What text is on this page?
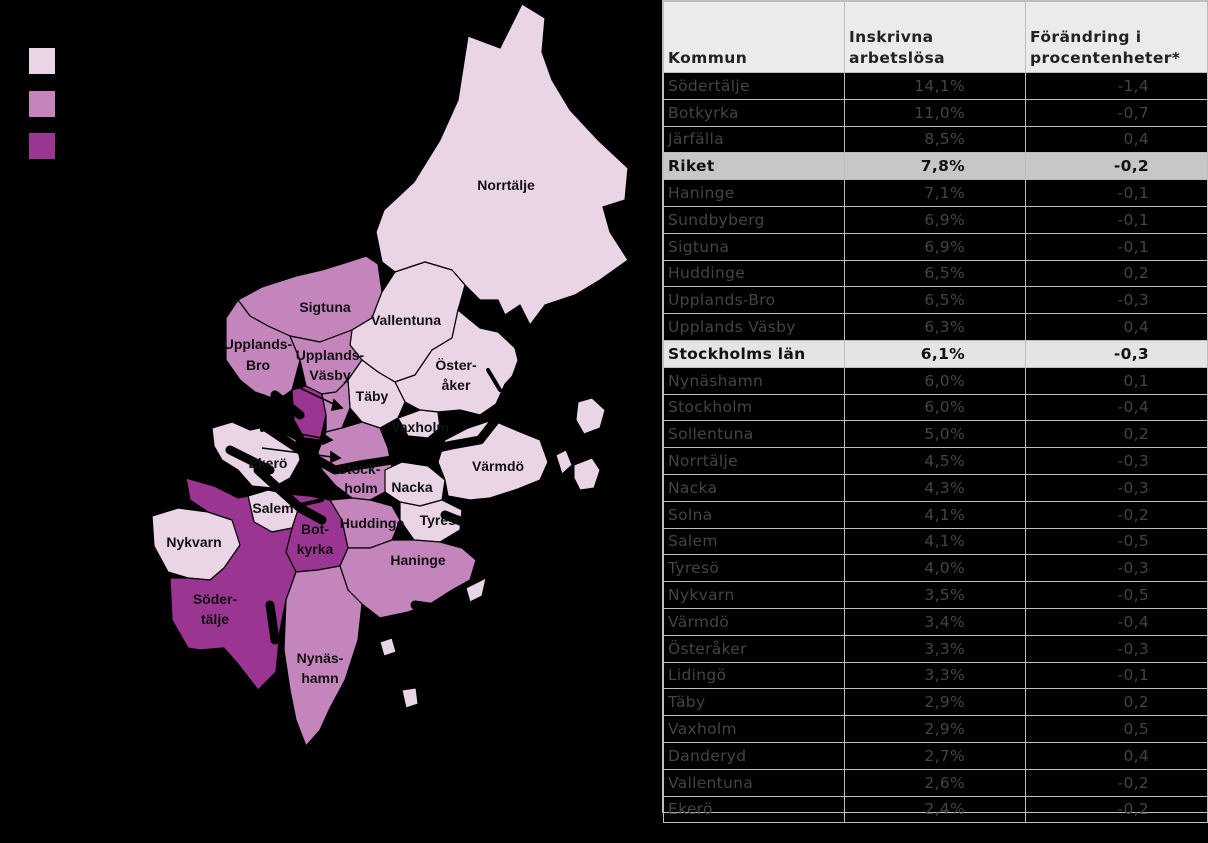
Norrtälje
Sigtuna
Vallentuna
Upplands-
Bro
Upplands-
Väsby
Öster-
åker
Täby
Vaxholm
Ekerö	Stock-
holm Nacka
Värmdö
Salem
Bot-
kyrka
Huddinge Tyresö
Nykvarn
Haninge
Söder-
tälje
Nynäs-
hamn
Kommun	Inskrivna arbetslösa	Förändring i procentenheter*
Södertälje	14,1%	-1,4
Botkyrka	11,0%	-0,7
Järfälla	8,5%	0,4
Riket	7,8%	-0,2
Haninge	7,1%	-0,1
Sundbyberg	6,9%	-0,1
Sigtuna	6,9%	-0,1
Huddinge	6,5%	0,2
Upplands-Bro	6,5%	-0,3
Upplands Väsby	6,3%	0,4
Stockholms län	6,1%	-0,3
Nynäshamn	6,0%	0,1
Stockholm	6,0%	-0,4
Sollentuna	5,0%	0,2
Norrtälje	4,5%	-0,3
Nacka	4,3%	-0,3
Solna	4,1%	-0,2
Salem	4,1%	-0,5
Tyresö	4,0%	-0,3
Nykvarn	3,5%	-0,5
Värmdö	3,4%	-0,4
Österåker	3,3%	-0,3
Lidingö	3,3%	-0,1
Täby	2,9%	0,2
Vaxholm	2,9%	0,5
Danderyd	2,7%	0,4
Vallentuna	2,6%	-0,2
Ekerö	2,4%	-0,2
